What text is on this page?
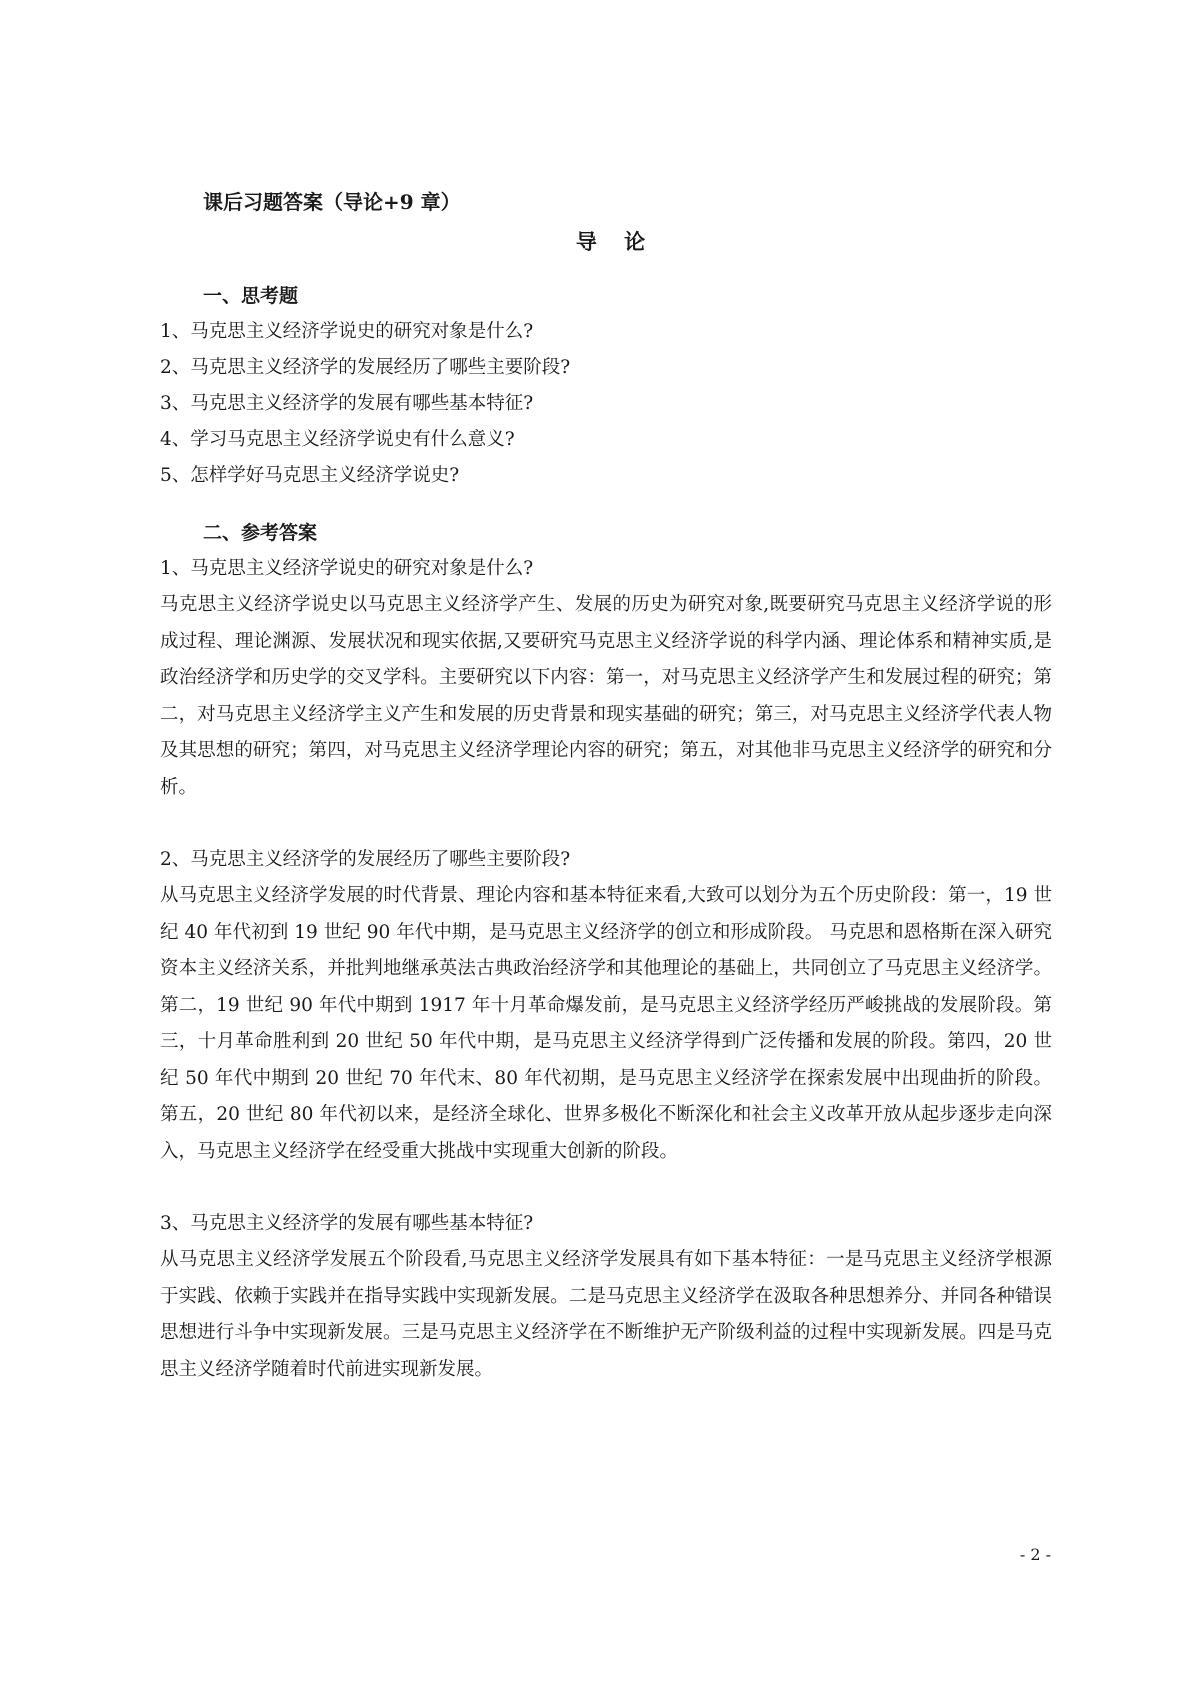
课后习题答案（导论+9 章）

导 论

一、思考题

1、马克思主义经济学说史的研究对象是什么?

2、马克思主义经济学的发展经历了哪些主要阶段?

3、马克思主义经济学的发展有哪些基本特征?

4、学习马克思主义经济学说史有什么意义?

5、怎样学好马克思主义经济学说史?

二、参考答案

1、马克思主义经济学说史的研究对象是什么?

马克思主义经济学说史以马克思主义经济学产生、发展的历史为研究对象,既要研究马克思主义经济学说的形成过程、理论渊源、发展状况和现实依据,又要研究马克思主义经济学说的科学内涵、理论体系和精神实质,是政治经济学和历史学的交叉学科。主要研究以下内容：第一，对马克思主义经济学产生和发展过程的研究；第二，对马克思主义经济学主义产生和发展的历史背景和现实基础的研究；第三，对马克思主义经济学代表人物及其思想的研究；第四，对马克思主义经济学理论内容的研究；第五，对其他非马克思主义经济学的研究和分析。

2、马克思主义经济学的发展经历了哪些主要阶段?

从马克思主义经济学发展的时代背景、理论内容和基本特征来看,大致可以划分为五个历史阶段：第一，19 世纪 40 年代初到 19 世纪 90 年代中期，是马克思主义经济学的创立和形成阶段。 马克思和恩格斯在深入研究资本主义经济关系，并批判地继承英法古典政治经济学和其他理论的基础上，共同创立了马克思主义经济学。第二，19 世纪 90 年代中期到 1917 年十月革命爆发前，是马克思主义经济学经历严峻挑战的发展阶段。第三，十月革命胜利到 20 世纪 50 年代中期，是马克思主义经济学得到广泛传播和发展的阶段。第四，20 世纪 50 年代中期到 20 世纪 70 年代末、80 年代初期，是马克思主义经济学在探索发展中出现曲折的阶段。第五，20 世纪 80 年代初以来，是经济全球化、世界多极化不断深化和社会主义改革开放从起步逐步走向深入，马克思主义经济学在经受重大挑战中实现重大创新的阶段。

3、马克思主义经济学的发展有哪些基本特征?

从马克思主义经济学发展五个阶段看,马克思主义经济学发展具有如下基本特征：一是马克思主义经济学根源于实践、依赖于实践并在指导实践中实现新发展。二是马克思主义经济学在汲取各种思想养分、并同各种错误思想进行斗争中实现新发展。三是马克思主义经济学在不断维护无产阶级利益的过程中实现新发展。四是马克思主义经济学随着时代前进实现新发展。

- 2 -
